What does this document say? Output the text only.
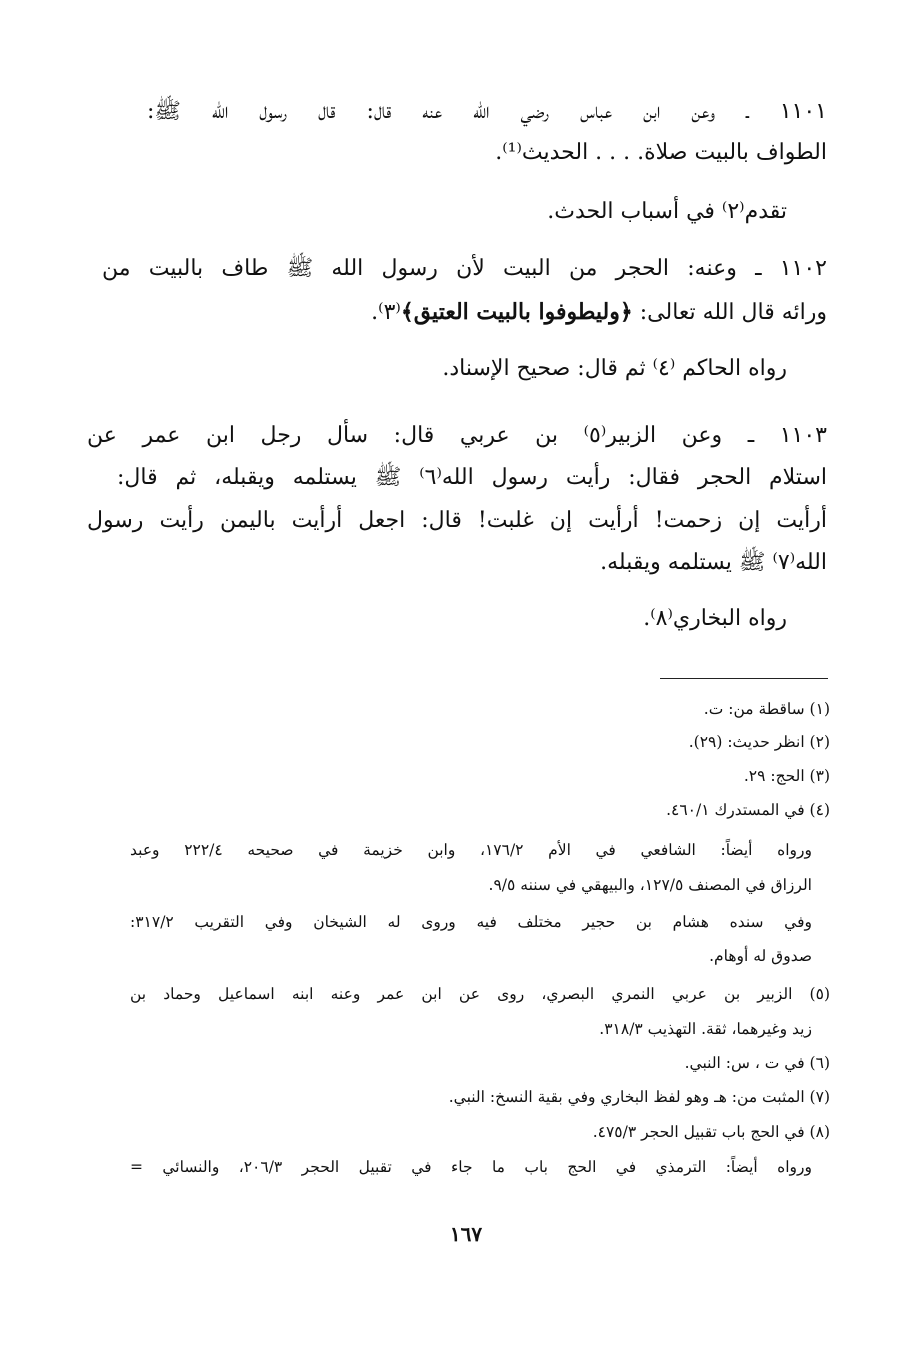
١١٠١ ـ وعن ابن عباس رضي الله عنه قال: قال رسول الله ﷺ:
الطواف بالبيت صلاة. . . . الحديث⁽¹⁾.
تقدم⁽٢⁾ في أسباب الحدث.
١١٠٢ ـ وعنه: الحجر من البيت لأن رسول الله ﷺ طاف بالبيت من
ورائه قال الله تعالى: ﴿وليطوفوا بالبيت العتيق﴾⁽٣⁾.
رواه الحاكم ⁽٤⁾ ثم قال: صحيح الإسناد.
١١٠٣ ـ وعن الزبير⁽٥⁾ بن عربي قال: سأل رجل ابن عمر عن
استلام الحجر فقال: رأيت رسول الله⁽٦⁾ ﷺ يستلمه ويقبله، ثم قال:
أرأيت إن زحمت! أرأيت إن غلبت! قال: اجعل أرأيت باليمن رأيت رسول
الله⁽٧⁾ ﷺ يستلمه ويقبله.
رواه البخاري⁽٨⁾.
(١) ساقطة من: ت.
(٢) انظر حديث: (٢٩).
(٣) الحج: ٢٩.
(٤) في المستدرك ٤٦٠/١.
ورواه أيضاً: الشافعي في الأم ١٧٦/٢، وابن خزيمة في صحيحه ٢٢٢/٤ وعبد
الرزاق في المصنف ١٢٧/٥، والبيهقي في سننه ٩/٥.
وفي سنده هشام بن حجير مختلف فيه وروى له الشيخان وفي التقريب ٣١٧/٢:
صدوق له أوهام.
(٥) الزبير بن عربي النمري البصري، روى عن ابن عمر وعنه ابنه اسماعيل وحماد بن
زيد وغيرهما، ثقة. التهذيب ٣١٨/٣.
(٦) في ت ، س: النبي.
(٧) المثبت من: هـ وهو لفظ البخاري وفي بقية النسخ: النبي.
(٨) في الحج باب تقبيل الحجر ٤٧٥/٣.
ورواه أيضاً: الترمذي في الحج باب ما جاء في تقبيل الحجر ٢٠٦/٣، والنسائي =
١٦٧
